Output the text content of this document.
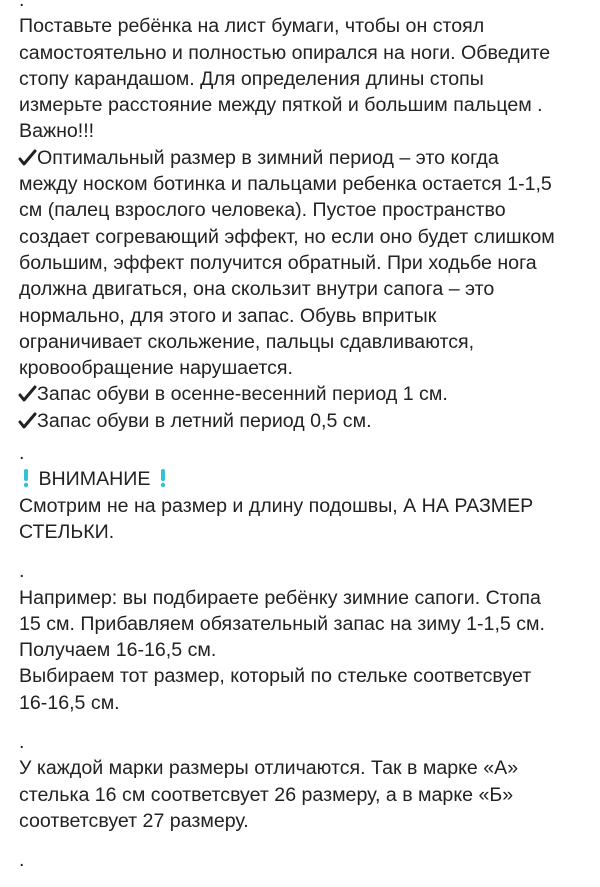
.
Поставьте ребёнка на лист бумаги, чтобы он стоял
самостоятельно и полностью опирался на ноги. Обведите
стопу карандашом. Для определения длины стопы
измерьте расстояние между пяткой и большим пальцем .
Важно!!!
Оптимальный размер в зимний период – это когда
между носком ботинка и пальцами ребенка остается 1-1,5
см (палец взрослого человека). Пустое пространство
создает согревающий эффект, но если оно будет слишком
большим, эффект получится обратный. При ходьбе нога
должна двигаться, она скользит внутри сапога – это
нормально, для этого и запас. Обувь впритык
ограничивает скольжение, пальцы сдавливаются,
кровообращение нарушается.
Запас обуви в осенне-весенний период 1 см.
Запас обуви в летний период 0,5 см.
.
ВНИМАНИЕ
Смотрим не на размер и длину подошвы, А НА РАЗМЕР
СТЕЛЬКИ.
.
Например: вы подбираете ребёнку зимние сапоги. Стопа
15 см. Прибавляем обязательный запас на зиму 1-1,5 см.
Получаем 16-16,5 см.
Выбираем тот размер, который по стельке соответсвует
16-16,5 см.
.
У каждой марки размеры отличаются. Так в марке «А»
стелька 16 см соответсвует 26 размеру, а в марке «Б»
соответсвует 27 размеру.
.
